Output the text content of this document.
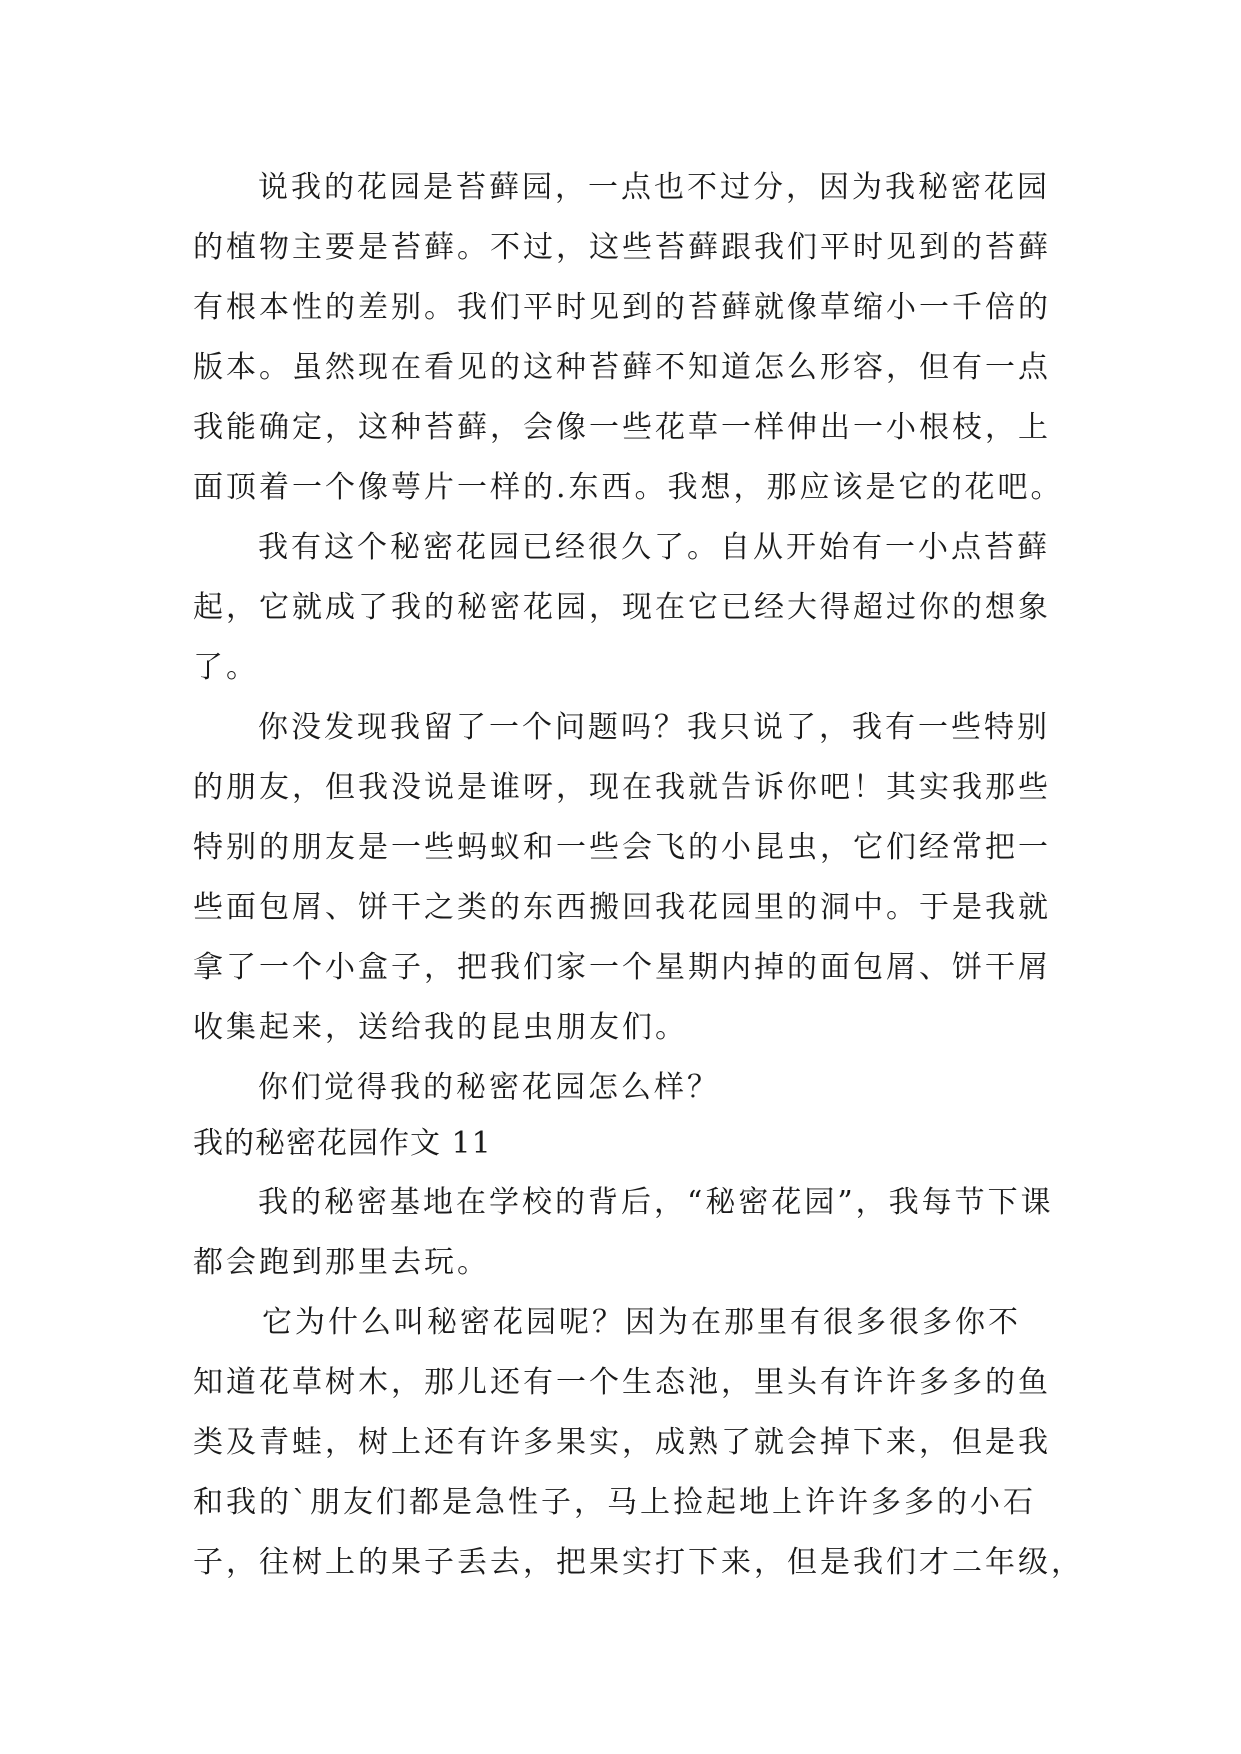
说我的花园是苔藓园，一点也不过分，因为我秘密花园
的植物主要是苔藓。不过，这些苔藓跟我们平时见到的苔藓
有根本性的差别。我们平时见到的苔藓就像草缩小一千倍的
版本。虽然现在看见的这种苔藓不知道怎么形容，但有一点
我能确定，这种苔藓，会像一些花草一样伸出一小根枝，上
面顶着一个像萼片一样的.东西。我想，那应该是它的花吧。
我有这个秘密花园已经很久了。自从开始有一小点苔藓
起，它就成了我的秘密花园，现在它已经大得超过你的想象
了。
你没发现我留了一个问题吗？我只说了，我有一些特别
的朋友，但我没说是谁呀，现在我就告诉你吧！其实我那些
特别的朋友是一些蚂蚁和一些会飞的小昆虫，它们经常把一
些面包屑、饼干之类的东西搬回我花园里的洞中。于是我就
拿了一个小盒子，把我们家一个星期内掉的面包屑、饼干屑
收集起来，送给我的昆虫朋友们。
你们觉得我的秘密花园怎么样？
我的秘密花园作文 11
我的秘密基地在学校的背后，“秘密花园”，我每节下课
都会跑到那里去玩。
它为什么叫秘密花园呢？因为在那里有很多很多你不
知道花草树木，那儿还有一个生态池，里头有许许多多的鱼
类及青蛙，树上还有许多果实，成熟了就会掉下来，但是我
和我的`朋友们都是急性子，马上捡起地上许许多多的小石
子，往树上的果子丢去，把果实打下来，但是我们才二年级，
